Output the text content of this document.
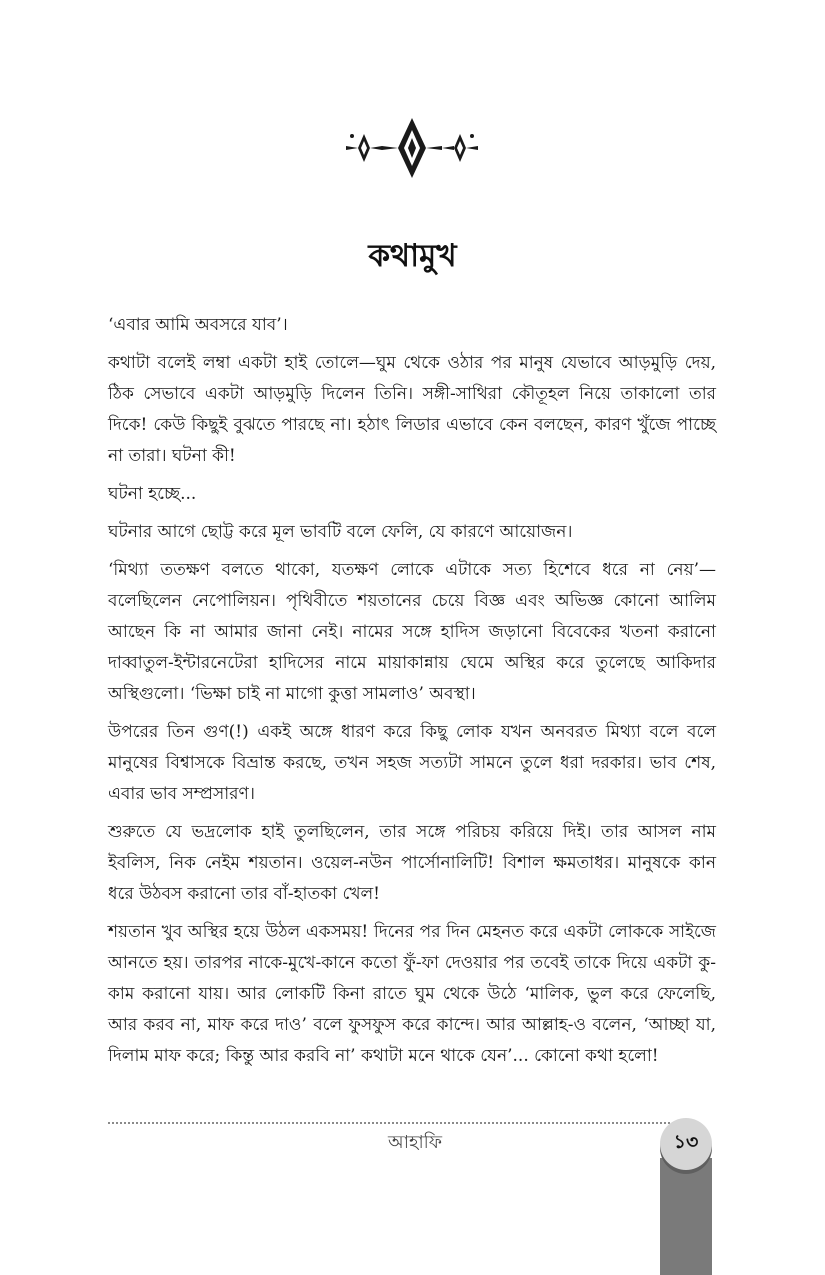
কথামুখ

‘এবার আমি অবসরে যাব’।

কথাটা বলেই লম্বা একটা হাই তোলে—ঘুম থেকে ওঠার পর মানুষ যেভাবে আড়মুড়ি দেয়, ঠিক সেভাবে একটা আড়মুড়ি দিলেন তিনি। সঙ্গী-সাথিরা কৌতূহল নিয়ে তাকালো তার দিকে! কেউ কিছুই বুঝতে পারছে না। হঠাৎ লিডার এভাবে কেন বলছেন, কারণ খুঁজে পাচ্ছে না তারা। ঘটনা কী!

ঘটনা হচ্ছে...

ঘটনার আগে ছোট্ট করে মূল ভাবটি বলে ফেলি, যে কারণে আয়োজন।

‘মিথ্যা ততক্ষণ বলতে থাকো, যতক্ষণ লোকে এটাকে সত্য হিশেবে ধরে না নেয়’—বলেছিলেন নেপোলিয়ন। পৃথিবীতে শয়তানের চেয়ে বিজ্ঞ এবং অভিজ্ঞ কোনো আলিম আছেন কি না আমার জানা নেই। নামের সঙ্গে হাদিস জড়ানো বিবেকের খতনা করানো দাব্বাতুল-ইন্টারনেটেরা হাদিসের নামে মায়াকান্নায় ঘেমে অস্থির করে তুলেছে আকিদার অস্থিগুলো। ‘ভিক্ষা চাই না মাগো কুত্তা সামলাও’ অবস্থা।

উপরের তিন গুণ(!) একই অঙ্গে ধারণ করে কিছু লোক যখন অনবরত মিথ্যা বলে বলে মানুষের বিশ্বাসকে বিভ্রান্ত করছে, তখন সহজ সত্যটা সামনে তুলে ধরা দরকার। ভাব শেষ, এবার ভাব সম্প্রসারণ।

শুরুতে যে ভদ্রলোক হাই তুলছিলেন, তার সঙ্গে পরিচয় করিয়ে দিই। তার আসল নাম ইবলিস, নিক নেইম শয়তান। ওয়েল-নউন পার্সোনালিটি! বিশাল ক্ষমতাধর। মানুষকে কান ধরে উঠবস করানো তার বাঁ-হাতকা খেল!

শয়তান খুব অস্থির হয়ে উঠল একসময়! দিনের পর দিন মেহনত করে একটা লোককে সাইজে আনতে হয়। তারপর নাকে-মুখে-কানে কতো ফুঁ-ফা দেওয়ার পর তবেই তাকে দিয়ে একটা কু-কাম করানো যায়। আর লোকটি কিনা রাতে ঘুম থেকে উঠে ‘মালিক, ভুল করে ফেলেছি, আর করব না, মাফ করে দাও’ বলে ফুসফুস করে কান্দে। আর আল্লাহ-ও বলেন, ‘আচ্ছা যা, দিলাম মাফ করে; কিন্তু আর করবি না’ কথাটা মনে থাকে যেন’... কোনো কথা হলো!

আহাফি	১৩
